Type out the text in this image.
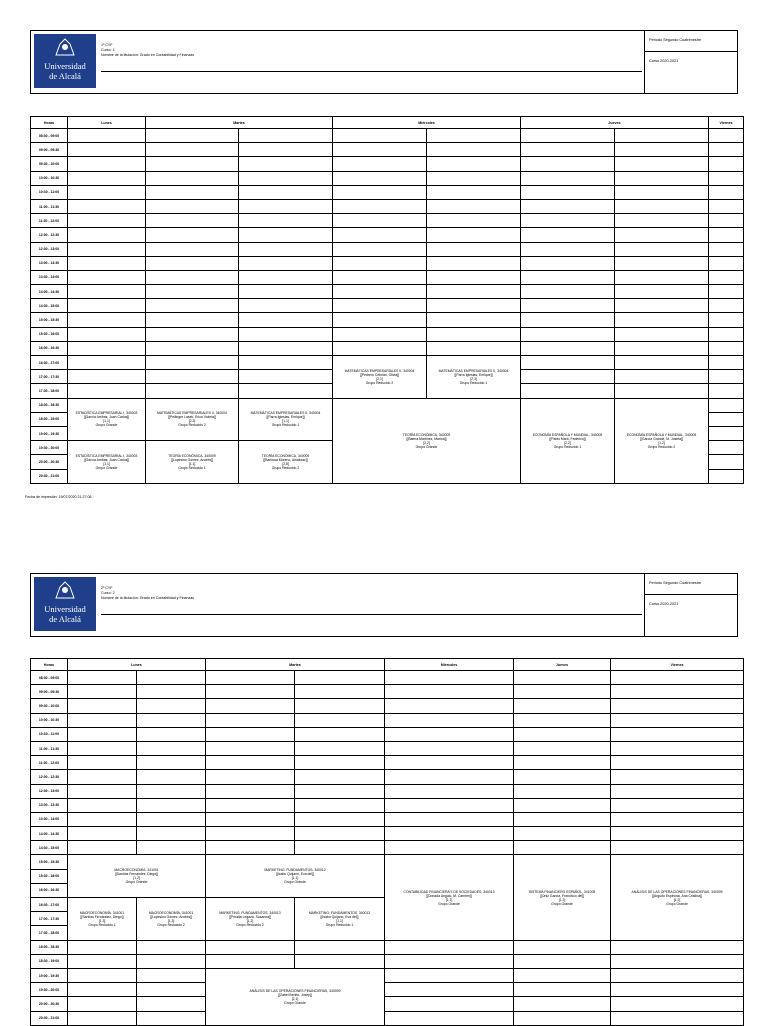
Universidad
de Alcalá
1º CYF
Curso: 1
Nombre de la titulación: Grado en Contabilidad y Finanzas
Periodo Segundo Cuatrimestre
Curso 2020-2021
Horas	Lunes	Martes		Miércoles		Jueves		Viernes	
08:30 - 09:00									
09:00 - 09:30									
09:30 - 10:00									
10:00 - 10:30									
10:30 - 11:00									
11:00 - 11:30									
11:30 - 12:00									
12:00 - 12:30									
12:30 - 13:00									
13:00 - 13:30									
13:30 - 14:00									
14:00 - 14:30									
14:30 - 15:00									
15:00 - 15:30									
15:30 - 16:00									
16:00 - 16:30									
16:30 - 17:00				MATEMÁTICAS EMPRESARIALES II, 340004
[[Pedrero Cebrián, Olivia]]
[2,1]
Grupo Reducido 2	MATEMÁTICAS EMPRESARIALES II, 340004
[[Parra Iglesias, Enrique]]
[2,3]
Grupo Reducido 1				

17:00 - 17:30									
17:30 - 18:00									
18:00 - 18:30	ESTADÍSTICA EMPRESARIAL I, 340003
[[García Arribas, Juan Carlos]]
[1,1]
Grupo Grande	MATEMÁTICAS EMPRESARIALES II, 340004
[[Pellinger Lasek, Erica Violeta]]
[2,2]
Grupo Reducido 2	MATEMÁTICAS EMPRESARIALES II, 340004
[[Parra Iglesias, Enrique]]
[1,1]
Grupo Reducido 1	TEORÍA ECONÓMICA, 340009
[[Baena Martínez, Marina]]
[2,2]
Grupo Grande		ECONOMÍA ESPAÑOLA Y MUNDIAL, 340005
[[Pablo Martí, Federico]]
[2,2]
Grupo Reducido 1	ECONOMÍA ESPAÑOLA Y MUNDIAL, 340005
[[García Grande, M. Josefa]]
[1,2]
Grupo Reducido 2		

18:30 - 19:00									
19:00 - 19:30									
19:30 - 20:00	ESTADÍSTICA EMPRESARIAL I, 340003
[[García Arribas, Juan Carlos]]
[1,1]
Grupo Grande	TEORÍA ECONÓMICA, 340009
[[Lopesino Gómez, Andrés]]
[1,1]
Grupo Reducido 1	TEORÍA ECONÓMICA, 340009
[[Barbosa Moreno, Ainaitzaz]]
[2,8]
Grupo Reducido 2						

20:00 - 20:30									
20:30 - 21:00									
Fecha de impresión: 19/07/2020 21:27:06
Universidad
de Alcalá
2º CYF
Curso: 2
Nombre de la titulación: Grado en Contabilidad y Finanzas
Periodo Segundo Cuatrimestre
Curso 2020-2021
Horas	Lunes		Martes		Miércoles	Jueves	Viernes
08:30 - 09:00							
09:00 - 09:30							
09:30 - 10:00							
10:00 - 10:30							
10:30 - 11:00							
11:00 - 11:30							
11:30 - 12:00							
12:00 - 12:30							
12:30 - 13:00							
13:00 - 13:30							
13:30 - 14:00							
14:00 - 14:30							
14:30 - 15:00							
15:00 - 15:30	MACROECONOMÍA, 341001
[[Santías Fernández, Diego]]
[1,2]
Grupo Grande		MARKETING: FUNDAMENTOS, 340012
[[Isabo Quijano, Eva del]]
[1,1]
Grupo Grande		CONTABILIDAD FINANCIERA II DE SOCIEDADES, 340013
[[Donada Angulo, M. Carmen]]
[1,1]
Grupo Grande	SISTEMA FINANCIERO ESPAÑOL, 341008
[[Ortiz García, Francisco del]]
[1,2]
Grupo Grande	ANÁLISIS DE LAS OPERACIONES FINANCIERAS, 340009
[[Argudo Espinosa, Ana Cristina]]
[1,2]
Grupo Grande

15:30 - 16:00							
16:00 - 16:30							
16:30 - 17:00	MACROECONOMÍA, 341001
[[Santías Fernández, Diego]]
[1,3]
Grupo Reducido 1	MACROECONOMÍA, 341001
[[Lopesino Gómez, Andrés]]
[1,3]
Grupo Reducido 2	MARKETING: FUNDAMENTOS, 340013
[[Peralta Legaza, Susanna]]
[1,2]
Grupo Reducido 2	MARKETING: FUNDAMENTOS, 340013
[[Isabo Quijano, Eva del]]
[1,1]
Grupo Reducido 1			

17:00 - 17:30							
17:30 - 18:00							
18:00 - 18:30							
18:30 - 19:00							
19:00 - 19:30			ANÁLISIS DE LAS OPERACIONES FINANCIERAS, 340009
[[Zabel Benito, Josep]]
[2,1]
Grupo Grande				

19:30 - 20:00							
20:00 - 20:30							
20:30 - 21:00							
